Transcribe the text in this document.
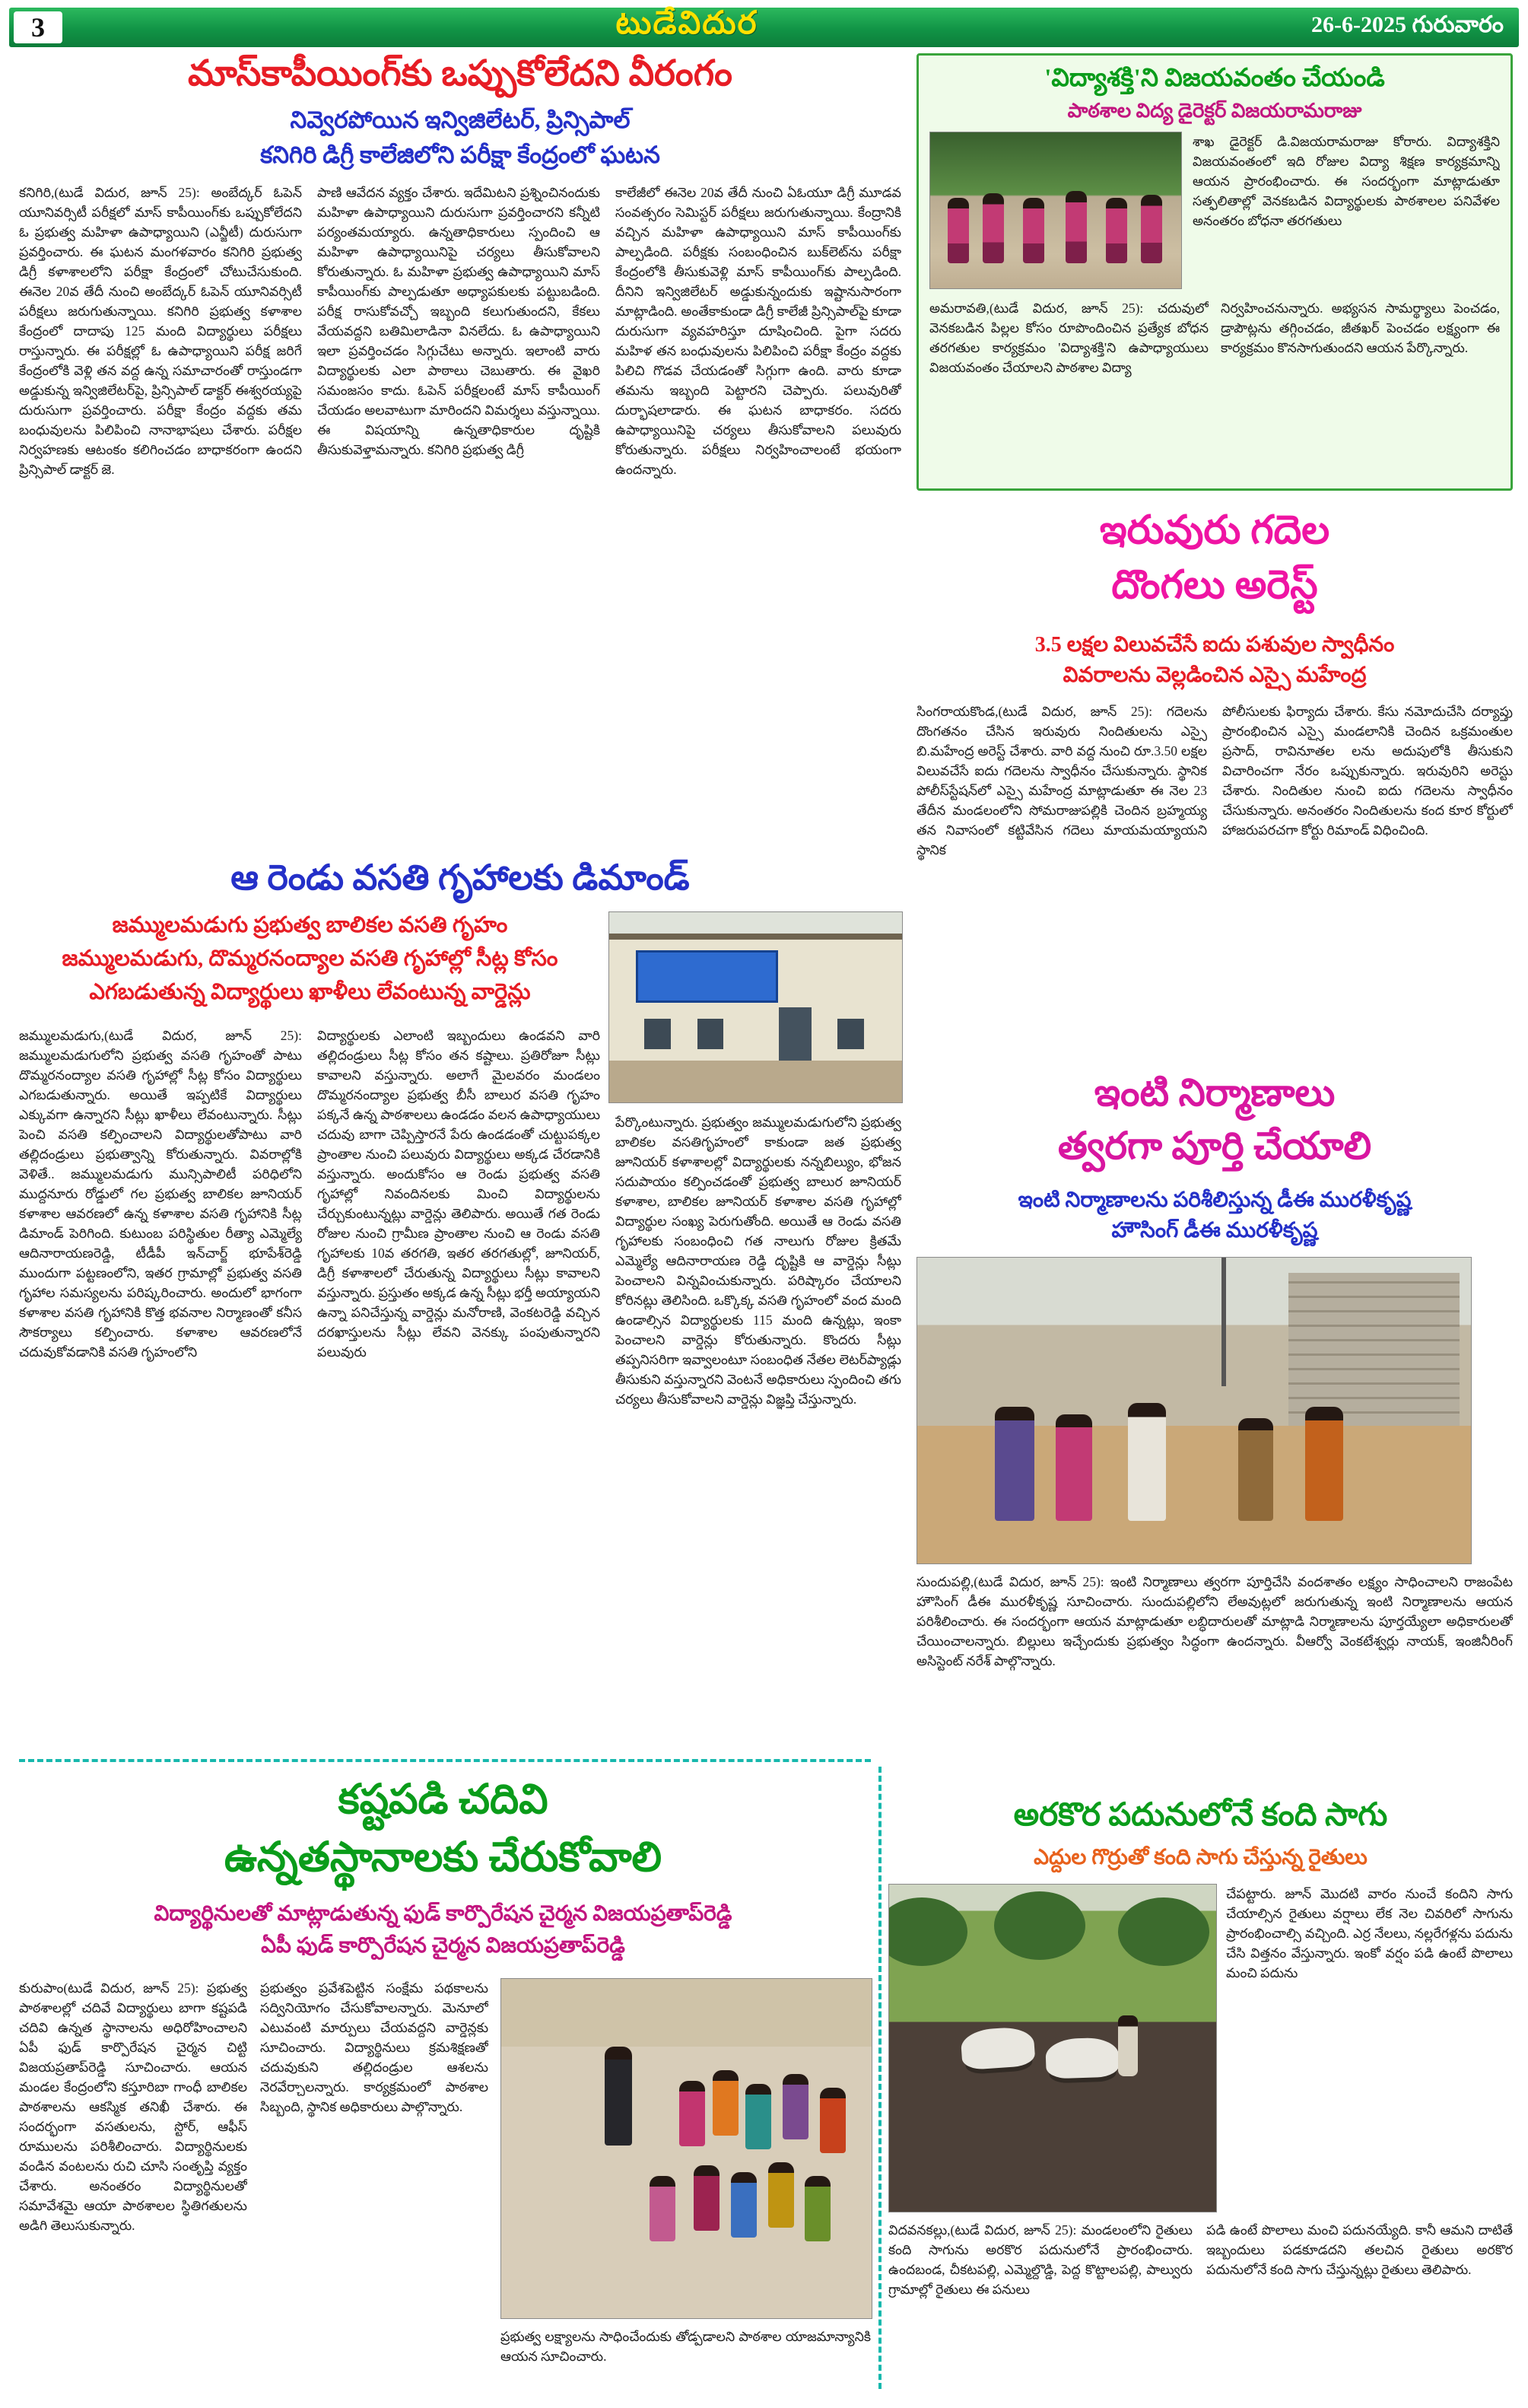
3	టుడేవిదుర	26-6-2025 గురువారం
మాస్‌కాపీయింగ్‌కు ఒప్పుకోలేదని వీరంగం
నివ్వెరపోయిన ఇన్విజిలేటర్, ప్రిన్సిపాల్
కనిగిరి డిగ్రీ కాలేజిలోని పరీక్షా కేంద్రంలో ఘటన
కనిగిరి,(టుడే విదుర, జూన్ 25): అంబేద్కర్ ఓపెన్ యూనివర్సిటీ పరీక్షలో మాస్ కాపీయింగ్‌కు ఒప్పుకోలేదని ఓ ప్రభుత్వ మహిళా ఉపాధ్యాయిని (ఎన్జీటీ) దురుసుగా ప్రవర్తించారు. ఈ ఘటన మంగళవారం కనిగిరి ప్రభుత్వ డిగ్రీ కళాశాలలోని పరీక్షా కేంద్రంలో చోటుచేసుకుంది. ఈనెల 20వ తేదీ నుంచి అంబేద్కర్ ఓపెన్ యూనివర్సిటీ పరీక్షలు జరుగుతున్నాయి. కనిగిరి ప్రభుత్వ కళాశాల కేంద్రంలో దాదాపు 125 మంది విద్యార్థులు పరీక్షలు రాస్తున్నారు. ఈ పరీక్షల్లో ఓ ఉపాధ్యాయిని పరీక్ష జరిగే కేంద్రంలోకి వెళ్లి తన వద్ద ఉన్న సమాచారంతో రాస్తుండగా అడ్డుకున్న ఇన్విజిలేటర్‌పై, ప్రిన్సిపాల్ డాక్టర్ ఈశ్వరయ్యపై దురుసుగా ప్రవర్తించారు. పరీక్షా కేంద్రం వద్దకు తమ బంధువులను పిలిపించి నానాభాషలు చేశారు. పరీక్షల నిర్వహణకు ఆటంకం కలిగించడం బాధాకరంగా ఉందని ప్రిన్సిపాల్ డాక్టర్ జె.
పాణి ఆవేదన వ్యక్తం చేశారు. ఇదేమిటని ప్రశ్నించినందుకు మహిళా ఉపాధ్యాయిని దురుసుగా ప్రవర్తించారని కన్నీటి పర్యంతమయ్యారు. ఉన్నతాధికారులు స్పందించి ఆ మహిళా ఉపాధ్యాయినిపై చర్యలు తీసుకోవాలని కోరుతున్నారు. ఓ మహిళా ప్రభుత్వ ఉపాధ్యాయిని మాస్ కాపీయింగ్‌కు పాల్పడుతూ అధ్యాపకులకు పట్టుబడింది. పరీక్ష రాసుకోవచ్చో ఇబ్బంది కలుగుతుందని, కేకలు వేయవద్దని బతిమిలాడినా వినలేదు. ఓ ఉపాధ్యాయిని ఇలా ప్రవర్తించడం సిగ్గుచేటు అన్నారు. ఇలాంటి వారు విద్యార్థులకు ఎలా పాఠాలు చెబుతారు. ఈ వైఖరి సమంజసం కాదు. ఓపెన్ పరీక్షలంటే మాస్ కాపీయింగ్ చేయడం అలవాటుగా మారిందని విమర్శలు వస్తున్నాయి. ఈ విషయాన్ని ఉన్నతాధికారుల దృష్టికి తీసుకువెళ్తామన్నారు. కనిగిరి ప్రభుత్వ డిగ్రీ
కాలేజీలో ఈనెల 20వ తేదీ నుంచి ఏఓయూ డిగ్రీ మూడవ సంవత్సరం సెమిస్టర్ పరీక్షలు జరుగుతున్నాయి. కేంద్రానికి వచ్చిన మహిళా ఉపాధ్యాయిని మాస్ కాపీయింగ్‌కు పాల్పడింది. పరీక్షకు సంబంధించిన బుక్‌లెట్‌ను పరీక్షా కేంద్రంలోకి తీసుకువెళ్లి మాస్ కాపీయింగ్‌కు పాల్పడింది. దీనిని ఇన్విజిలేటర్ అడ్డుకున్నందుకు ఇష్టానుసారంగా మాట్లాడింది. అంతేకాకుండా డిగ్రీ కాలేజీ ప్రిన్సిపాల్‌పై కూడా దురుసుగా వ్యవహరిస్తూ దూషించింది. పైగా సదరు మహిళ తన బంధువులను పిలిపించి పరీక్షా కేంద్రం వద్దకు పిలిచి గొడవ చేయడంతో సిగ్గుగా ఉంది. వారు కూడా తమను ఇబ్బంది పెట్టారని చెప్పారు. పలువురితో దుర్భాషలాడారు. ఈ ఘటన బాధాకరం. సదరు ఉపాధ్యాయినిపై చర్యలు తీసుకోవాలని పలువురు కోరుతున్నారు. పరీక్షలు నిర్వహించాలంటే భయంగా ఉందన్నారు.
'విద్యాశక్తి'ని విజయవంతం చేయండి
పాఠశాల విద్య డైరెక్టర్ విజయరామరాజు
శాఖ డైరెక్టర్ డి.విజయరామరాజు కోరారు. విద్యాశక్తిని విజయవంతంలో ఇది రోజుల విద్యా శిక్షణ కార్యక్రమాన్ని ఆయన ప్రారంభించారు. ఈ సందర్భంగా మాట్లాడుతూ సత్ఫలితాల్లో వెనకబడిన విద్యార్థులకు పాఠశాలల పనివేళల అనంతరం బోధనా తరగతులు
అమరావతి,(టుడే విదుర, జూన్ 25): చదువులో వెనకబడిన పిల్లల కోసం రూపొందించిన ప్రత్యేక బోధన తరగతుల కార్యక్రమం 'విద్యాశక్తి'ని ఉపాధ్యాయులు విజయవంతం చేయాలని పాఠశాల విద్యా
నిర్వహించనున్నారు. అభ్యసన సామర్థ్యాలు పెంచడం, డ్రాపౌట్లను తగ్గించడం, జీతఖర్ పెంచడం లక్ష్యంగా ఈ కార్యక్రమం కొనసాగుతుందని ఆయన పేర్కొన్నారు.
ఇరువురు గదెల
దొంగలు అరెస్ట్
3.5 లక్షల విలువచేసే ఐదు పశువుల స్వాధీనం
వివరాలను వెల్లడించిన ఎస్సై మహేంద్ర
సింగరాయకొండ,(టుడే విదుర, జూన్ 25): గదెలను దొంగతనం చేసిన ఇరువురు నిందితులను ఎస్సై బి.మహేంద్ర అరెస్ట్ చేశారు. వారి వద్ద నుంచి రూ.3.50 లక్షల విలువచేసే ఐదు గదెలను స్వాధీనం చేసుకున్నారు. స్థానిక పోలీస్‌స్టేషన్‌లో ఎస్సై మహేంద్ర మాట్లాడుతూ ఈ నెల 23 తేదీన మండలంలోని సోమరాజుపల్లికి చెందిన బ్రహ్మయ్య తన నివాసంలో కట్టివేసిన గదెలు మాయమయ్యాయని స్థానిక
పోలీసులకు ఫిర్యాదు చేశారు. కేసు నమోదుచేసి దర్యాప్తు ప్రారంభించిన ఎస్సై మండలానికి చెందిన ఒక్రమంతుల ప్రసాద్, రావినూతల లను అదుపులోకి తీసుకుని విచారించగా నేరం ఒప్పుకున్నారు. ఇరువురిని అరెస్టు చేశారు. నిందితుల నుంచి ఐదు గదెలను స్వాధీనం చేసుకున్నారు. అనంతరం నిందితులను కంద కూర కోర్టులో హాజరుపరచగా కోర్టు రిమాండ్ విధించింది.
ఆ రెండు వసతి గృహాలకు డిమాండ్
జమ్ములమడుగు ప్రభుత్వ బాలికల వసతి గృహం
జమ్ములమడుగు, దొమ్మరనంద్యాల వసతి గృహాల్లో సీట్ల కోసం
ఎగబడుతున్న విద్యార్థులు ఖాళీలు లేవంటున్న వార్డెన్లు
జమ్ములమడుగు,(టుడే విదుర, జూన్ 25): జమ్ములమడుగులోని ప్రభుత్వ వసతి గృహంతో పాటు దొమ్మరనంద్యాల వసతి గృహాల్లో సీట్ల కోసం విద్యార్థులు ఎగబడుతున్నారు. అయితే ఇప్పటికే విద్యార్థులు ఎక్కువగా ఉన్నారని సీట్లు ఖాళీలు లేవంటున్నారు. సీట్లు పెంచి వసతి కల్పించాలని విద్యార్థులతోపాటు వారి తల్లిదండ్రులు ప్రభుత్వాన్ని కోరుతున్నారు. వివరాల్లోకి వెళితే.. జమ్ములమడుగు మున్సిపాలిటీ పరిధిలోని ముద్దనూరు రోడ్డులో గల ప్రభుత్వ బాలికల జూనియర్ కళాశాల ఆవరణలో ఉన్న కళాశాల వసతి గృహానికి సీట్ల డిమాండ్ పెరిగింది. కుటుంబ పరిస్థితుల రీత్యా ఎమ్మెల్యే ఆదినారాయణరెడ్డి, టీడీపీ ఇన్‌చార్జ్ భూపేశ్‌రెడ్డి ముందుగా పట్టణంలోని, ఇతర గ్రామాల్లో ప్రభుత్వ వసతి గృహాల సమస్యలను పరిష్కరించారు. అందులో భాగంగా కళాశాల వసతి గృహానికి కొత్త భవనాల నిర్మాణంతో కనీస సౌకర్యాలు కల్పించారు. కళాశాల ఆవరణలోనే చదువుకోవడానికి వసతి గృహంలోని
విద్యార్థులకు ఎలాంటి ఇబ్బందులు ఉండవని వారి తల్లిదండ్రులు సీట్ల కోసం తన కష్టాలు. ప్రతిరోజూ సీట్లు కావాలని వస్తున్నారు. అలాగే మైలవరం మండలం దొమ్మరనంద్యాల ప్రభుత్వ బీసీ బాలుర వసతి గృహం పక్కనే ఉన్న పాఠశాలలు ఉండడం వలన ఉపాధ్యాయులు చదువు బాగా చెప్పిస్తారనే పేరు ఉండడంతో చుట్టుపక్కల ప్రాంతాల నుంచి పలువురు విద్యార్థులు అక్కడ చేరడానికి వస్తున్నారు. అందుకోసం ఆ రెండు ప్రభుత్వ వసతి గృహాల్లో నివందినలకు మించి విద్యార్థులను చేర్చుకుంటున్నట్లు వార్డెన్లు తెలిపారు. అయితే గత రెండు రోజుల నుంచి గ్రామీణ ప్రాంతాల నుంచి ఆ రెండు వసతి గృహాలకు 10వ తరగతి, ఇతర తరగతుల్లో, జూనియర్, డిగ్రీ కళాశాలలో చేరుతున్న విద్యార్థులు సీట్లు కావాలని వస్తున్నారు. ప్రస్తుతం అక్కడ ఉన్న సీట్లు భర్తీ అయ్యాయని ఉన్నా పనిచేస్తున్న వార్డెన్లు మనోరాణి, వెంకటరెడ్డి వచ్చిన దరఖాస్తులను సీట్లు లేవని వెనక్కు పంపుతున్నారని పలువురు
పేర్కొంటున్నారు. ప్రభుత్వం జమ్ములమడుగులోని ప్రభుత్వ బాలికల వసతిగృహంలో కాకుండా జత ప్రభుత్వ జూనియర్ కళాశాలల్లో విద్యార్థులకు నన్నబిల్యుం, భోజన సదుపాయం కల్పించడంతో ప్రభుత్వ బాలుర జూనియర్ కళాశాల, బాలికల జూనియర్ కళాశాల వసతి గృహాల్లో విద్యార్థుల సంఖ్య పెరుగుతోంది. అయితే ఆ రెండు వసతి గృహాలకు సంబంధించి గత నాలుగు రోజుల క్రితమే ఎమ్మెల్యే ఆదినారాయణ రెడ్డి దృష్టికి ఆ వార్డెన్లు సీట్లు పెంచాలని విన్నవించుకున్నారు. పరిష్కారం చేయాలని కోరినట్లు తెలిసింది. ఒక్కొక్క వసతి గృహంలో వంద మంది ఉండాల్సిన విద్యార్థులకు 115 మంది ఉన్నట్లు, ఇంకా పెంచాలని వార్డెన్లు కోరుతున్నారు. కొందరు సీట్లు తప్పనిసరిగా ఇవ్వాలంటూ సంబంధిత నేతల లెటర్‌ప్యాడ్లు తీసుకుని వస్తున్నారని వెంటనే అధికారులు స్పందించి తగు చర్యలు తీసుకోవాలని వార్డెన్లు విజ్ఞప్తి చేస్తున్నారు.
ఇంటి నిర్మాణాలు
త్వరగా పూర్తి చేయాలి
ఇంటి నిర్మాణాలను పరిశీలిస్తున్న డీఈ మురళీకృష్ణ
హౌసింగ్ డీఈ మురళీకృష్ణ
సుందుపల్లి,(టుడే విదుర, జూన్ 25): ఇంటి నిర్మాణాలు త్వరగా పూర్తిచేసి వందశాతం లక్ష్యం సాధించాలని రాజంపేట హౌసింగ్ డీఈ మురళీకృష్ణ సూచించారు. సుందుపల్లిలోని లేఅవుట్లలో జరుగుతున్న ఇంటి నిర్మాణాలను ఆయన పరిశీలించారు. ఈ సందర్భంగా ఆయన మాట్లాడుతూ లబ్ధిదారులతో మాట్లాడి నిర్మాణాలను పూర్తయ్యేలా అధికారులతో చేయించాలన్నారు. బిల్లులు ఇచ్చేందుకు ప్రభుత్వం సిద్ధంగా ఉందన్నారు. వీఆర్వో వెంకటేశ్వర్లు నాయక్, ఇంజినీరింగ్ అసిస్టెంట్ నరేశ్ పాల్గొన్నారు.
కష్టపడి చదివి
ఉన్నతస్థానాలకు చేరుకోవాలి
విద్యార్థినులతో మాట్లాడుతున్న ఫుడ్ కార్పొరేషన చైర్మన విజయప్రతాప్‌రెడ్డి
ఏపీ ఫుడ్ కార్పొరేషన చైర్మన విజయప్రతాప్‌రెడ్డి
కురుపాం(టుడే విదుర, జూన్ 25): ప్రభుత్వ పాఠశాలల్లో చదివే విద్యార్థులు బాగా కష్టపడి చదివి ఉన్నత స్థానాలను అధిరోహించాలని ఏపీ ఫుడ్ కార్పొరేషన చైర్మన చిట్టి విజయప్రతాప్‌రెడ్డి సూచించారు. ఆయన మండల కేంద్రంలోని కస్తూరిబా గాంధీ బాలికల పాఠశాలను ఆకస్మిక తనిఖీ చేశారు. ఈ సందర్భంగా వసతులను, స్టోర్, ఆఫీస్ రూములను పరిశీలించారు. విద్యార్థినులకు వండిన వంటలను రుచి చూసి సంతృప్తి వ్యక్తం చేశారు. అనంతరం విద్యార్థినులతో సమావేశమై ఆయా పాఠశాలల స్థితిగతులను అడిగి తెలుసుకున్నారు.
ప్రభుత్వం ప్రవేశపెట్టిన సంక్షేమ పథకాలను సద్వినియోగం చేసుకోవాలన్నారు. మెనూలో ఎటువంటి మార్పులు చేయవద్దని వార్డెన్లకు సూచించారు. విద్యార్థినులు క్రమశిక్షణతో చదువుకుని తల్లిదండ్రుల ఆశలను నెరవేర్చాలన్నారు. కార్యక్రమంలో పాఠశాల సిబ్బంది, స్థానిక అధికారులు పాల్గొన్నారు.
ప్రభుత్వ లక్ష్యాలను సాధించేందుకు తోడ్పడాలని పాఠశాల యాజమాన్యానికి ఆయన సూచించారు.
అరకొర పదునులోనే కంది సాగు
ఎద్దుల గొర్రుతో కంది సాగు చేస్తున్న రైతులు
చేపట్టారు. జూన్ మొదటి వారం నుంచే కందిని సాగు చేయాల్సిన రైతులు వర్షాలు లేక నెల చివరిలో సాగును ప్రారంభించాల్సి వచ్చింది. ఎర్ర నేలలు, నల్లరేగళ్లను పదును చేసి విత్తనం వేస్తున్నారు. ఇంకో వర్షం పడి ఉంటే పొలాలు మంచి పదును
విదవనకల్లు,(టుడే విదుర, జూన్ 25): మండలంలోని రైతులు కంది సాగును అరకొర పదునులోనే ప్రారంభించారు. ఉందబండ, చీకటపల్లి, ఎమ్మెల్దొడ్డి, పెద్ద కొట్టాలపల్లి, పాల్వురు గ్రామాల్లో రైతులు ఈ పనులు
పడి ఉంటే పొలాలు మంచి పదునయ్యేది. కానీ ఆమని దాటితే ఇబ్బందులు పడకూడదని తలచిన రైతులు అరకొర పదునులోనే కంది సాగు చేస్తున్నట్లు రైతులు తెలిపారు.
